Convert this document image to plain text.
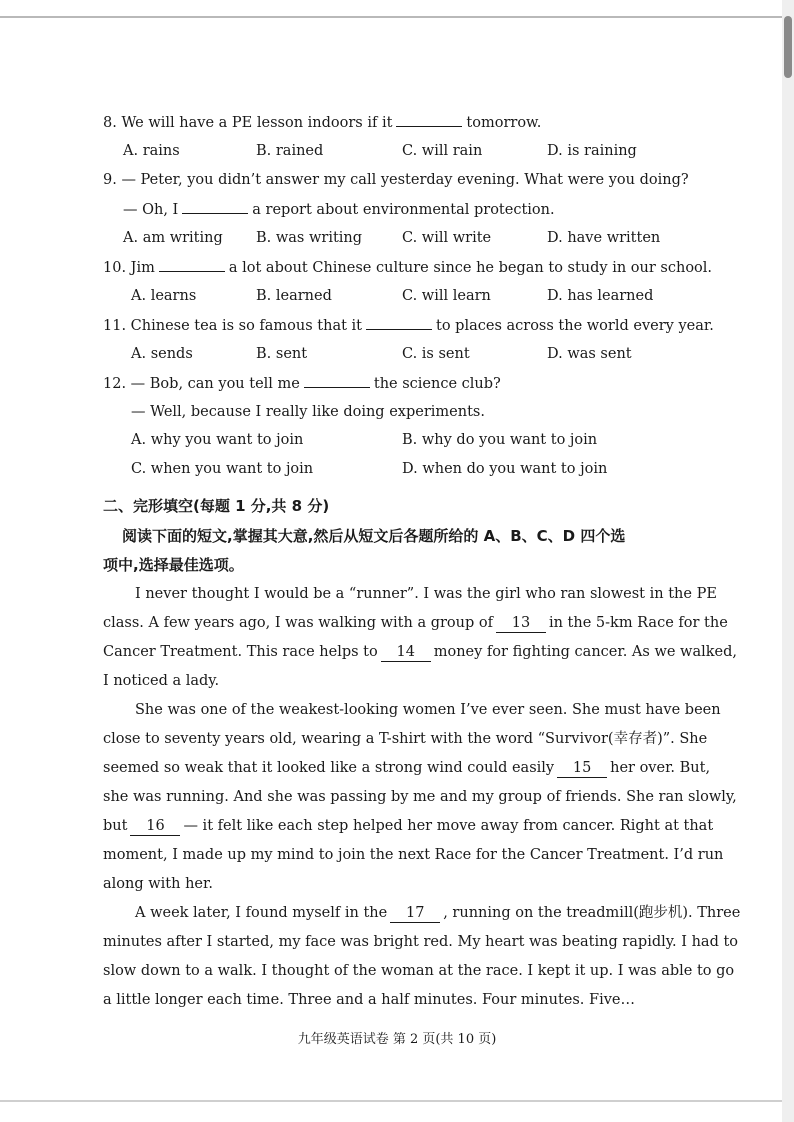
8. We will have a PE lesson indoors if it	tomorrow.
A. rains	B. rained	C. will rain	D. is raining
9. — Peter, you didn’t answer my call yesterday evening. What were you doing?
— Oh, I	a report about environmental protection.
A. am writing B. was writing	C. will write	D. have written
10. Jim	a lot about Chinese culture since he began to study in our school.
A. learns	B. learned	C. will learn	D. has learned
11. Chinese tea is so famous that it	to places across the world every year.
A. sends	B. sent	C. is sent	D. was sent
12. — Bob, can you tell me	the science club?
— Well, because I really like doing experiments.
A. why you want to join	B. why do you want to join
C. when you want to join	D. when do you want to join
二、完形填空(每题 1 分,共 8 分)
阅读下面的短文,掌握其大意,然后从短文后各题所给的 A、B、C、D 四个选
项中,选择最佳选项。
I never thought I would be a “runner”. I was the girl who ran slowest in the PE
class. A few years ago, I was walking with a group of 13 in the 5-km Race for the
Cancer Treatment. This race helps to 14 money for fighting cancer. As we walked,
I noticed a lady.
She was one of the weakest-looking women I’ve ever seen. She must have been
close to seventy years old, wearing a T-shirt with the word “Survivor(幸存者)”. She
seemed so weak that it looked like a strong wind could easily 15 her over. But,
she was running. And she was passing by me and my group of friends. She ran slowly,
but 16 — it felt like each step helped her move away from cancer. Right at that
moment, I made up my mind to join the next Race for the Cancer Treatment. I’d run
along with her.
A week later, I found myself in the 17 , running on the treadmill(跑步机). Three
minutes after I started, my face was bright red. My heart was beating rapidly. I had to
slow down to a walk. I thought of the woman at the race. I kept it up. I was able to go
a little longer each time. Three and a half minutes. Four minutes. Five…
九年级英语试卷 第 2 页(共 10 页)
